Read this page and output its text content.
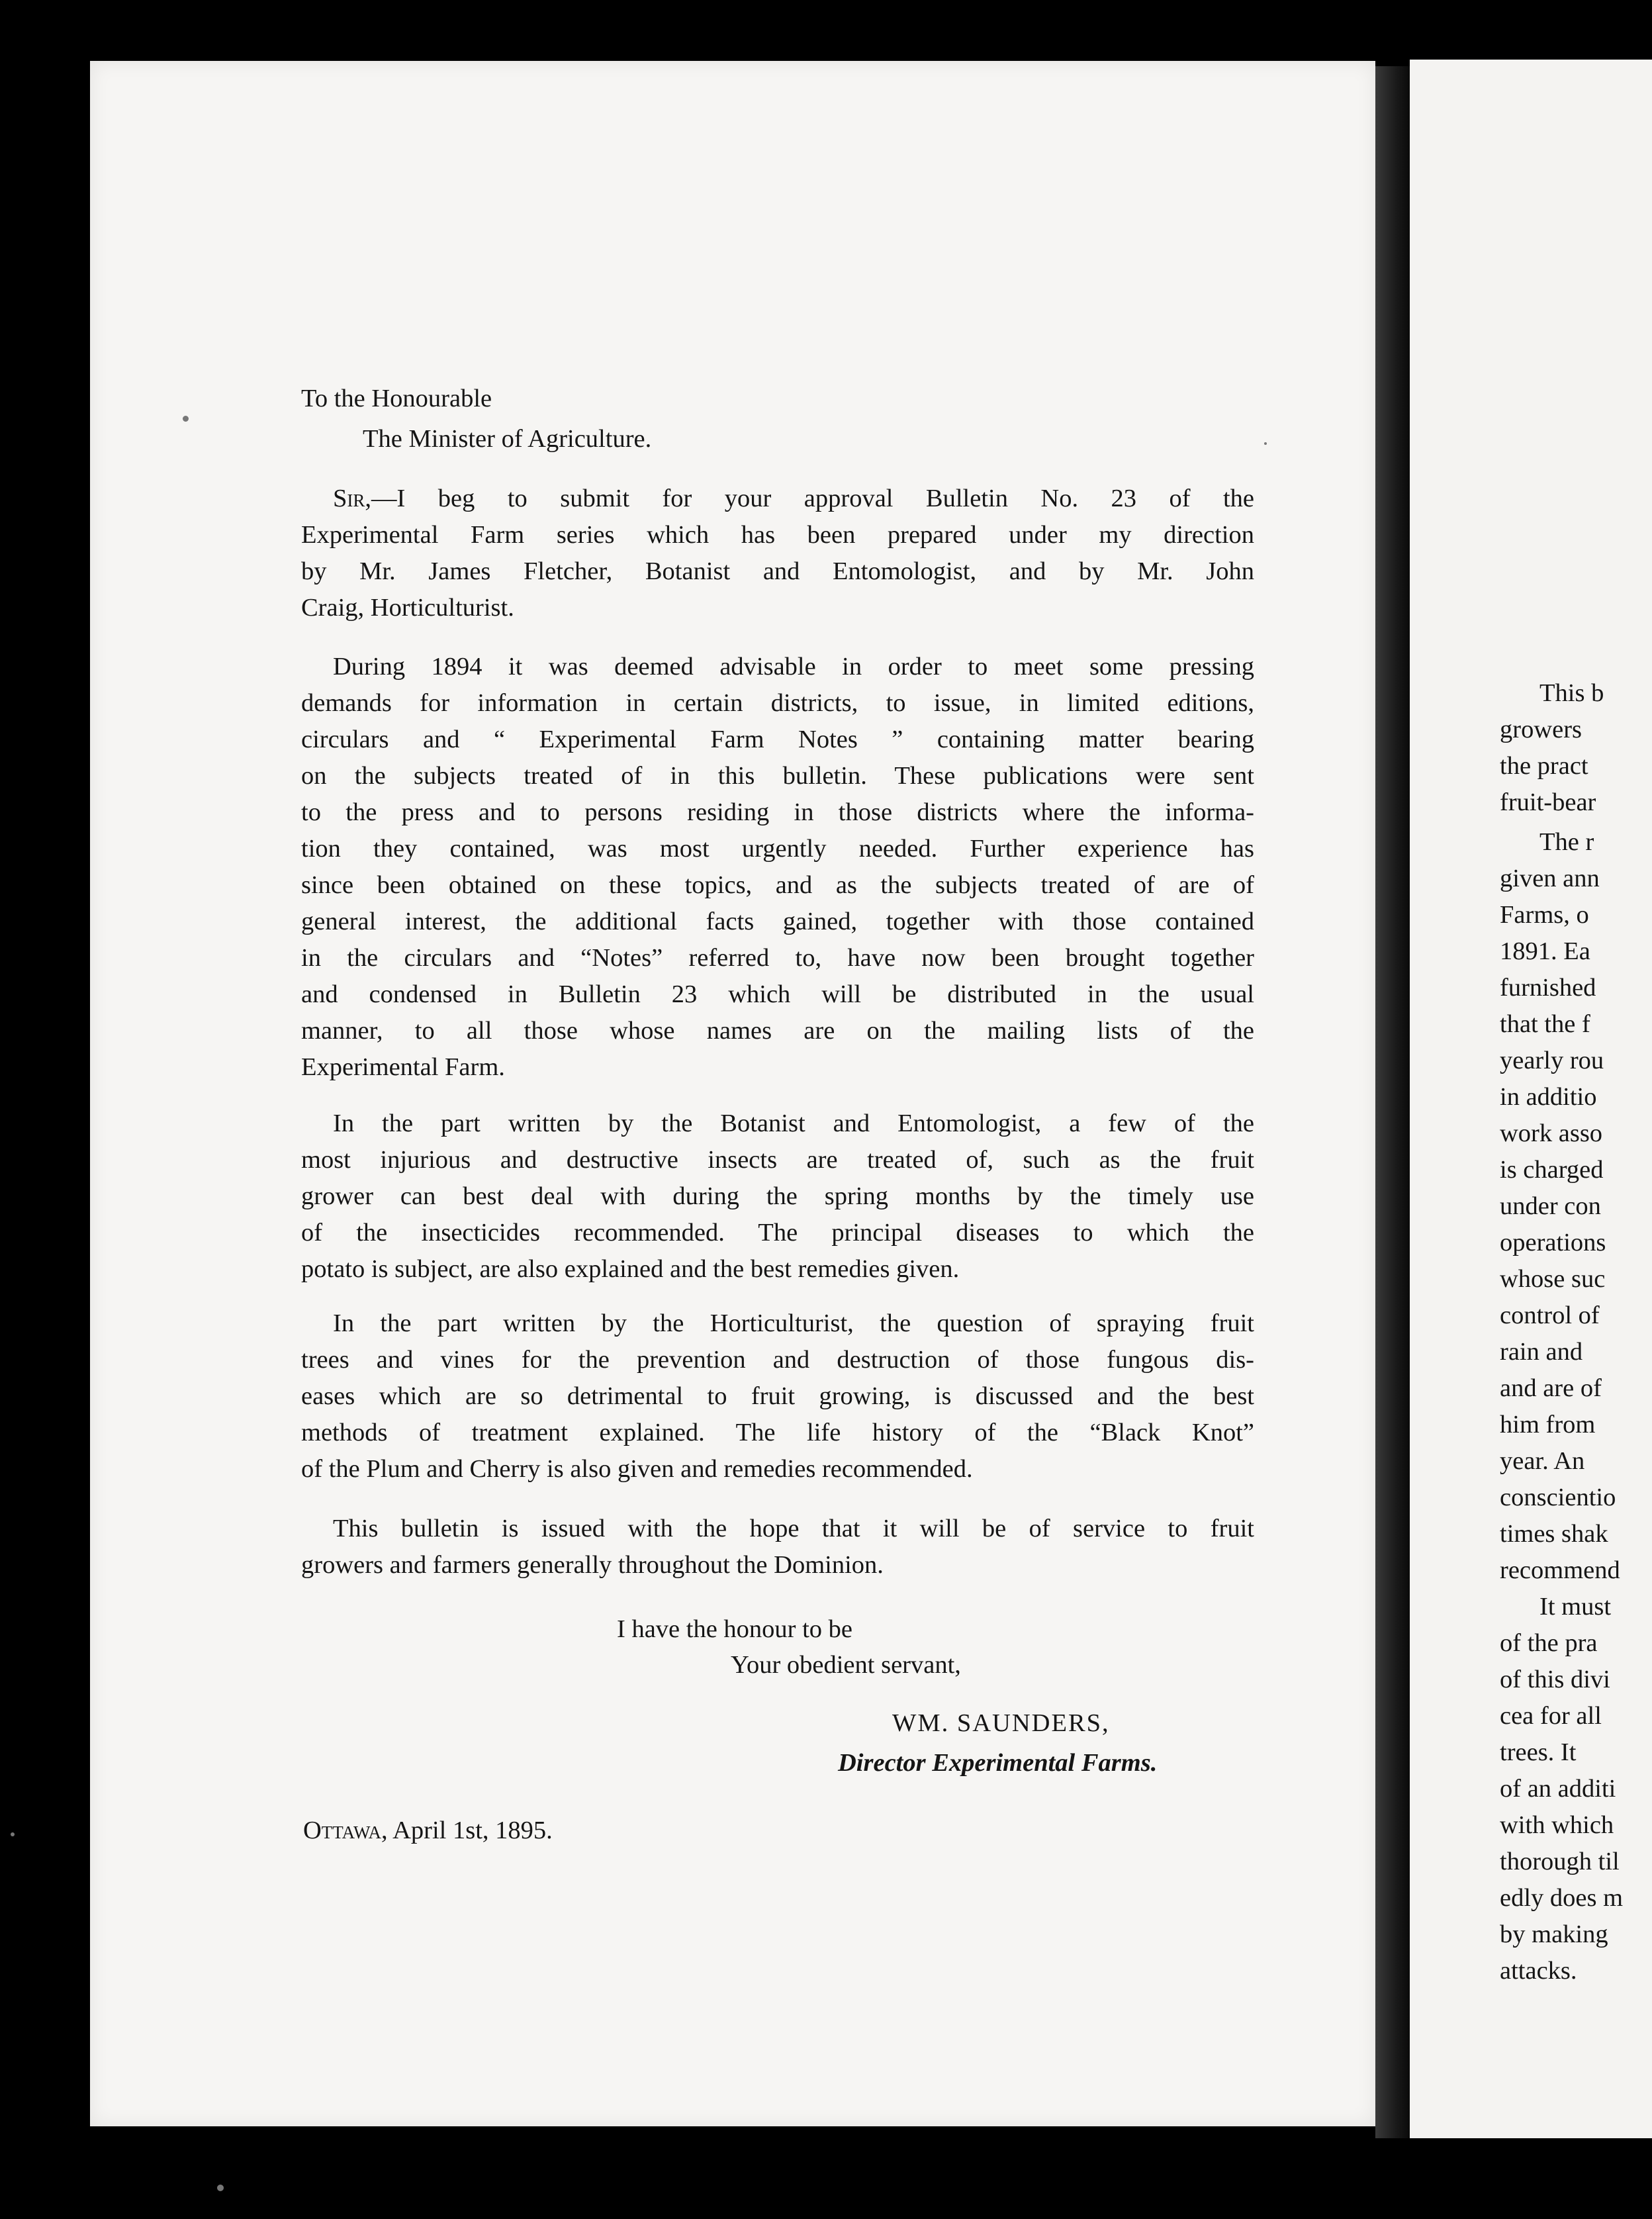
To the Honourable
The Minister of Agriculture.
Sir,—I beg to submit for your approval Bulletin No. 23 of the
Experimental Farm series which has been prepared under my direction
by Mr. James Fletcher, Botanist and Entomologist, and by Mr. John
Craig, Horticulturist.
During 1894 it was deemed advisable in order to meet some pressing
demands for information in certain districts, to issue, in limited editions,
circulars and “ Experimental Farm Notes ” containing matter bearing
on the subjects treated of in this bulletin. These publications were sent
to the press and to persons residing in those districts where the informa-
tion they contained, was most urgently needed. Further experience has
since been obtained on these topics, and as the subjects treated of are of
general interest, the additional facts gained, together with those contained
in the circulars and “Notes” referred to, have now been brought together
and condensed in Bulletin 23 which will be distributed in the usual
manner, to all those whose names are on the mailing lists of the
Experimental Farm.
In the part written by the Botanist and Entomologist, a few of the
most injurious and destructive insects are treated of, such as the fruit
grower can best deal with during the spring months by the timely use
of the insecticides recommended. The principal diseases to which the
potato is subject, are also explained and the best remedies given.
In the part written by the Horticulturist, the question of spraying fruit
trees and vines for the prevention and destruction of those fungous dis-
eases which are so detrimental to fruit growing, is discussed and the best
methods of treatment explained. The life history of the “Black Knot”
of the Plum and Cherry is also given and remedies recommended.
This bulletin is issued with the hope that it will be of service to fruit
growers and farmers generally throughout the Dominion.
I have the honour to be
Your obedient servant,
WM. SAUNDERS,
Director Experimental Farms.
Ottawa, April 1st, 1895.
This b
growers
the pract
fruit-bear
The r
given ann
Farms, o
1891. Ea
furnished
that the f
yearly rou
in additio
work asso
is charged
under con
operations
whose suc
control of
rain and
and are of
him from
year. An
conscientio
times shak
recommend
It must
of the pra
of this divi
cea for all
trees. It
of an additi
with which
thorough til
edly does m
by making
attacks.
